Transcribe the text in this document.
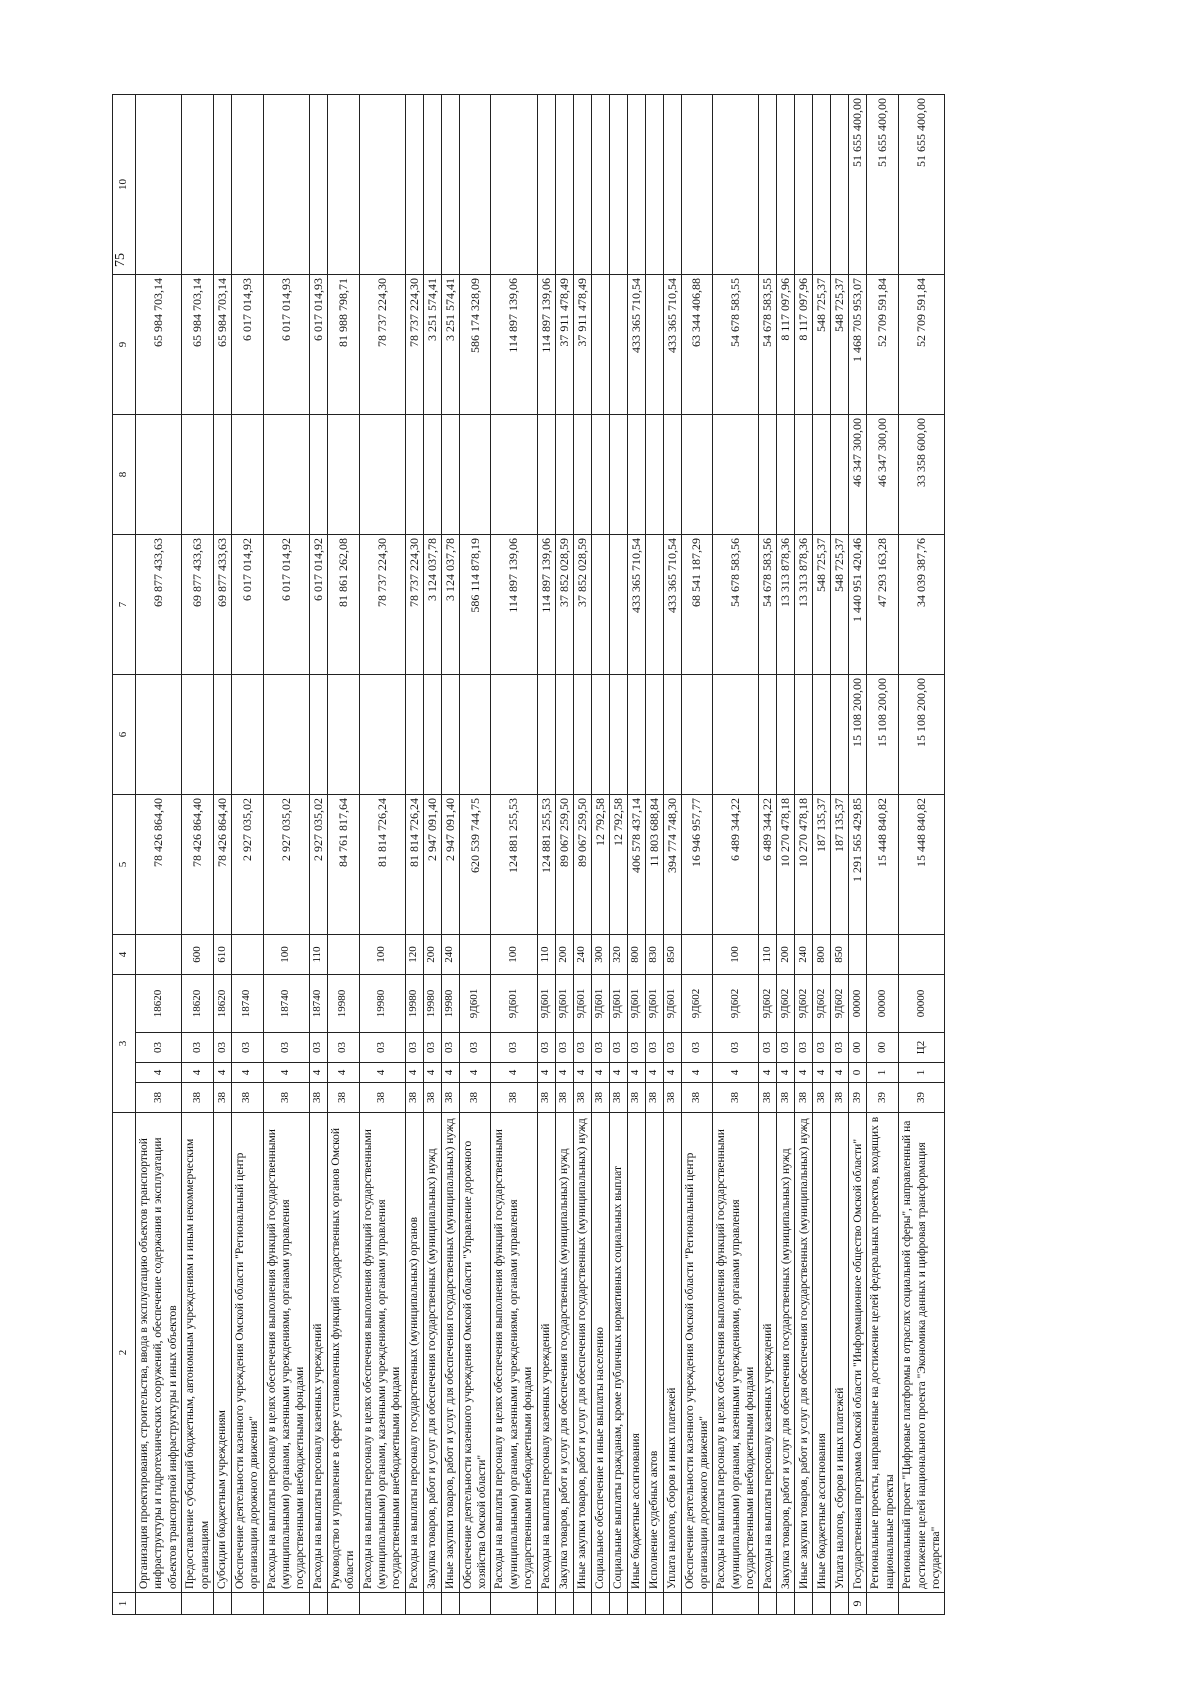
75
1	2	3				4	5	6	7	8	9	10
	Организация проектирования, строительства, ввода в эксплуатацию объектов транспортной инфраструктуры и гидротехнических сооружений, обеспечение содержания и эксплуатации объектов транспортной инфраструктуры и иных объектов	38	4	03	18620		78 426 864,40		69 877 433,63		65 984 703,14	
	Предоставление субсидий бюджетным, автономным учреждениям и иным некоммерческим организациям	38	4	03	18620	600	78 426 864,40		69 877 433,63		65 984 703,14	
	Субсидии бюджетным учреждениям	38	4	03	18620	610	78 426 864,40		69 877 433,63		65 984 703,14	
	Обеспечение деятельности казенного учреждения Омской области "Региональный центр организации дорожного движения"	38	4	03	18740		2 927 035,02		6 017 014,92		6 017 014,93	
	Расходы на выплаты персоналу в целях обеспечения выполнения функций государственными (муниципальными) органами, казенными учреждениями, органами управления государственными внебюджетными фондами	38	4	03	18740	100	2 927 035,02		6 017 014,92		6 017 014,93	
	Расходы на выплаты персоналу казенных учреждений	38	4	03	18740	110	2 927 035,02		6 017 014,92		6 017 014,93	
	Руководство и управление в сфере установленных функций государственных органов Омской области	38	4	03	19980		84 761 817,64		81 861 262,08		81 988 798,71	
	Расходы на выплаты персоналу в целях обеспечения выполнения функций государственными (муниципальными) органами, казенными учреждениями, органами управления государственными внебюджетными фондами	38	4	03	19980	100	81 814 726,24		78 737 224,30		78 737 224,30	
	Расходы на выплаты персоналу государственных (муниципальных) органов	38	4	03	19980	120	81 814 726,24		78 737 224,30		78 737 224,30	
	Закупка товаров, работ и услуг для обеспечения государственных (муниципальных) нужд	38	4	03	19980	200	2 947 091,40		3 124 037,78		3 251 574,41	
	Иные закупки товаров, работ и услуг для обеспечения государственных (муниципальных) нужд	38	4	03	19980	240	2 947 091,40		3 124 037,78		3 251 574,41	
	Обеспечение деятельности казенного учреждения Омской области "Управление дорожного хозяйства Омской области"	38	4	03	9Д601		620 539 744,75		586 114 878,19		586 174 328,09	
	Расходы на выплаты персоналу в целях обеспечения выполнения функций государственными (муниципальными) органами, казенными учреждениями, органами управления государственными внебюджетными фондами	38	4	03	9Д601	100	124 881 255,53		114 897 139,06		114 897 139,06	
	Расходы на выплаты персоналу казенных учреждений	38	4	03	9Д601	110	124 881 255,53		114 897 139,06		114 897 139,06	
	Закупка товаров, работ и услуг для обеспечения государственных (муниципальных) нужд	38	4	03	9Д601	200	89 067 259,50		37 852 028,59		37 911 478,49	
	Иные закупки товаров, работ и услуг для обеспечения государственных (муниципальных) нужд	38	4	03	9Д601	240	89 067 259,50		37 852 028,59		37 911 478,49	
	Социальное обеспечение и иные выплаты населению	38	4	03	9Д601	300	12 792,58					
	Социальные выплаты гражданам, кроме публичных нормативных социальных выплат	38	4	03	9Д601	320	12 792,58					
	Иные бюджетные ассигнования	38	4	03	9Д601	800	406 578 437,14		433 365 710,54		433 365 710,54	
	Исполнение судебных актов	38	4	03	9Д601	830	11 803 688,84					
	Уплата налогов, сборов и иных платежей	38	4	03	9Д601	850	394 774 748,30		433 365 710,54		433 365 710,54	
	Обеспечение деятельности казенного учреждения Омской области "Региональный центр организации дорожного движения"	38	4	03	9Д602		16 946 957,77		68 541 187,29		63 344 406,88	
	Расходы на выплаты персоналу в целях обеспечения выполнения функций государственными (муниципальными) органами, казенными учреждениями, органами управления государственными внебюджетными фондами	38	4	03	9Д602	100	6 489 344,22		54 678 583,56		54 678 583,55	
	Расходы на выплаты персоналу казенных учреждений	38	4	03	9Д602	110	6 489 344,22		54 678 583,56		54 678 583,55	
	Закупка товаров, работ и услуг для обеспечения государственных (муниципальных) нужд	38	4	03	9Д602	200	10 270 478,18		13 313 878,36		8 117 097,96	
	Иные закупки товаров, работ и услуг для обеспечения государственных (муниципальных) нужд	38	4	03	9Д602	240	10 270 478,18		13 313 878,36		8 117 097,96	
	Иные бюджетные ассигнования	38	4	03	9Д602	800	187 135,37		548 725,37		548 725,37	
	Уплата налогов, сборов и иных платежей	38	4	03	9Д602	850	187 135,37		548 725,37		548 725,37	
9	Государственная программа Омской области "Информационное общество Омской области"	39	0	00	00000		1 291 565 429,85	15 108 200,00	1 440 951 420,46	46 347 300,00	1 468 705 953,07	51 655 400,00
	Региональные проекты, направленные на достижение целей федеральных проектов, входящих в национальные проекты	39	1	00	00000		15 448 840,82	15 108 200,00	47 293 163,28	46 347 300,00	52 709 591,84	51 655 400,00
	Региональный проект "Цифровые платформы в отраслях социальной сферы", направленный на достижение целей национального проекта "Экономика данных и цифровая трансформация государства"	39	1	Ц2	00000		15 448 840,82	15 108 200,00	34 039 387,76	33 358 600,00	52 709 591,84	51 655 400,00
